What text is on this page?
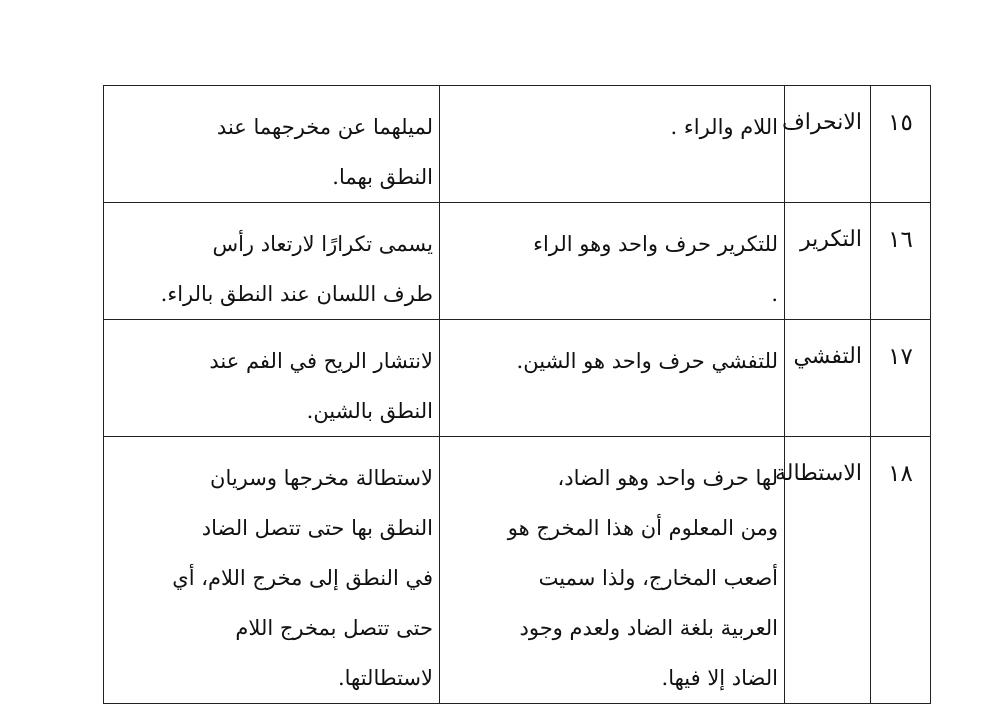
١٥	الانحراف	اللام والراء .	لميلهما عن مخرجهما عند
النطق بهما.

١٦	التكرير	للتكرير حرف واحد وهو الراء
.	يسمى تكرارًا لارتعاد رأس
طرف اللسان عند النطق بالراء.

١٧	التفشي	للتفشي حرف واحد هو الشين.	لانتشار الريح في الفم عند
النطق بالشين.

١٨	الاستطالة	لها حرف واحد وهو الضاد،
ومن المعلوم أن هذا المخرج هو
أصعب المخارج، ولذا سميت
العربية بلغة الضاد ولعدم وجود
الضاد إلا فيها.	لاستطالة مخرجها وسريان
النطق بها حتى تتصل الضاد
في النطق إلى مخرج اللام، أي
حتى تتصل بمخرج اللام
لاستطالتها.
